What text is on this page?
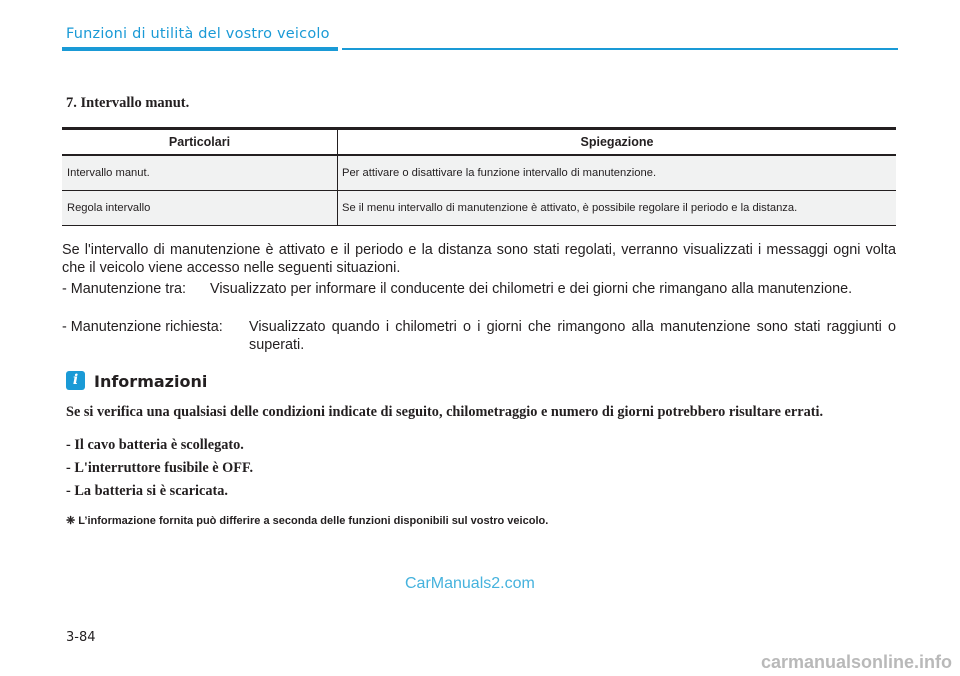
Funzioni di utilità del vostro veicolo
7. Intervallo manut.
Particolari	Spiegazione
Intervallo manut.	Per attivare o disattivare la funzione intervallo di manutenzione.
Regola intervallo	Se il menu intervallo di manutenzione è attivato, è possibile regolare il periodo e la distanza.
Se l'intervallo di manutenzione è attivato e il periodo e la distanza sono stati regolati, verranno visualizzati i messaggi ogni volta che il veicolo viene accesso nelle seguenti situazioni.
- Manutenzione tra: Visualizzato per informare il conducente dei chilometri e dei giorni che rimangano alla manutenzione.
- Manutenzione richiesta: Visualizzato quando i chilometri o i giorni che rimangono alla manutenzione sono stati raggiunti o superati.
i Informazioni
Se si verifica una qualsiasi delle condizioni indicate di seguito, chilometraggio e numero di giorni potrebbero risultare errati.
- Il cavo batteria è scollegato.
- L'interruttore fusibile è OFF.
- La batteria si è scaricata.
❈ L’informazione fornita può differire a seconda delle funzioni disponibili sul vostro veicolo.
CarManuals2.com
3-84
carmanualsonline.info
